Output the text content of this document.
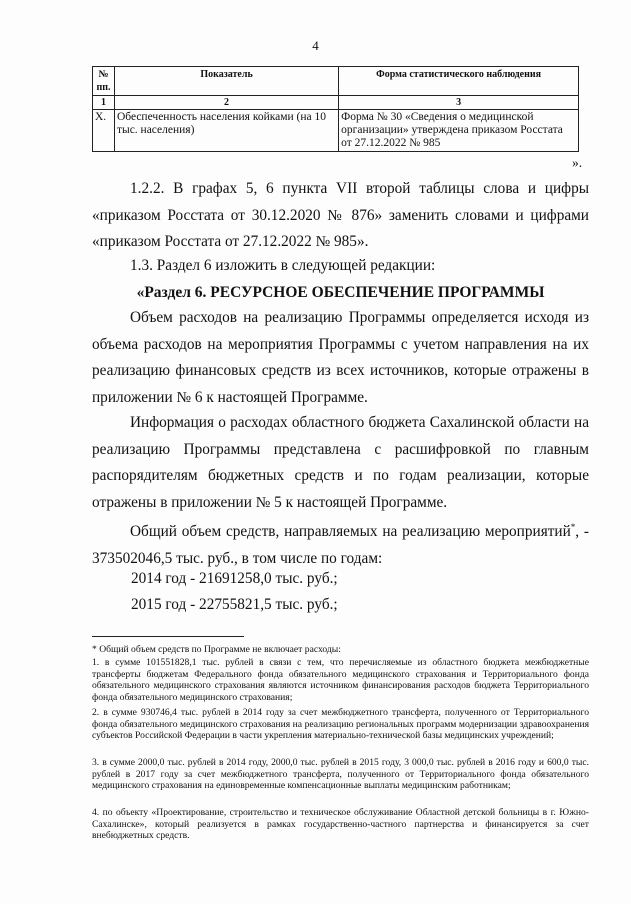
4
№ пп.	Показатель	Форма статистического наблюдения
1	2	3
X.	Обеспеченность населения койками (на 10 тыс. населения)	Форма № 30 «Сведения о медицинской организации» утверждена приказом Росстата от 27.12.2022 № 985
».
1.2.2. В графах 5, 6 пункта VII второй таблицы слова и цифры «приказом Росстата от 30.12.2020 № 876» заменить словами и цифрами «приказом Росстата от 27.12.2022 № 985».
1.3. Раздел 6 изложить в следующей редакции:
«Раздел 6. РЕСУРСНОЕ ОБЕСПЕЧЕНИЕ ПРОГРАММЫ
Объем расходов на реализацию Программы определяется исходя из объема расходов на мероприятия Программы с учетом направления на их реализацию финансовых средств из всех источников, которые отражены в приложении № 6 к настоящей Программе.
Информация о расходах областного бюджета Сахалинской области на реализацию Программы представлена с расшифровкой по главным распорядителям бюджетных средств и по годам реализации, которые отражены в приложении № 5 к настоящей Программе.
Общий объем средств, направляемых на реализацию мероприятий*, - 373502046,5 тыс. руб., в том числе по годам:
2014 год - 21691258,0 тыс. руб.;
2015 год - 22755821,5 тыс. руб.;
* Общий объем средств по Программе не включает расходы:
1. в сумме 101551828,1 тыс. рублей в связи с тем, что перечисляемые из областного бюджета межбюджетные трансферты бюджетам Федерального фонда обязательного медицинского страхования и Территориального фонда обязательного медицинского страхования являются источником финансирования расходов бюджета Территориального фонда обязательного медицинского страхования;
2. в сумме 930746,4 тыс. рублей в 2014 году за счет межбюджетного трансферта, полученного от Территориального фонда обязательного медицинского страхования на реализацию региональных программ модернизации здравоохранения субъектов Российской Федерации в части укрепления материально-технической базы медицинских учреждений;
3. в сумме 2000,0 тыс. рублей в 2014 году, 2000,0 тыс. рублей в 2015 году, 3 000,0 тыс. рублей в 2016 году и 600,0 тыс. рублей в 2017 году за счет межбюджетного трансферта, полученного от Территориального фонда обязательного медицинского страхования на единовременные компенсационные выплаты медицинским работникам;
4. по объекту «Проектирование, строительство и техническое обслуживание Областной детской больницы в г. Южно-Сахалинске», который реализуется в рамках государственно-частного партнерства и финансируется за счет внебюджетных средств.
